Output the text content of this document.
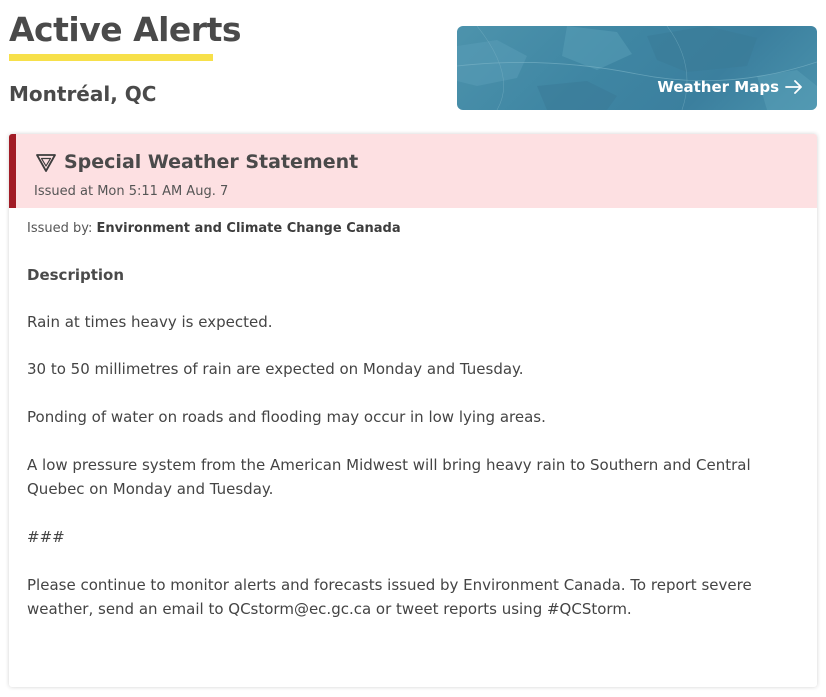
Active Alerts
Montréal, QC	Weather Maps
Special Weather Statement
Issued at Mon 5:11 AM Aug. 7
Issued by: Environment and Climate Change Canada
Description

Rain at times heavy is expected.

30 to 50 millimetres of rain are expected on Monday and Tuesday.

Ponding of water on roads and flooding may occur in low lying areas.

A low pressure system from the American Midwest will bring heavy rain to Southern and Central Quebec on Monday and Tuesday.

###

Please continue to monitor alerts and forecasts issued by Environment Canada. To report severe weather, send an email to QCstorm@ec.gc.ca or tweet reports using #QCStorm.
